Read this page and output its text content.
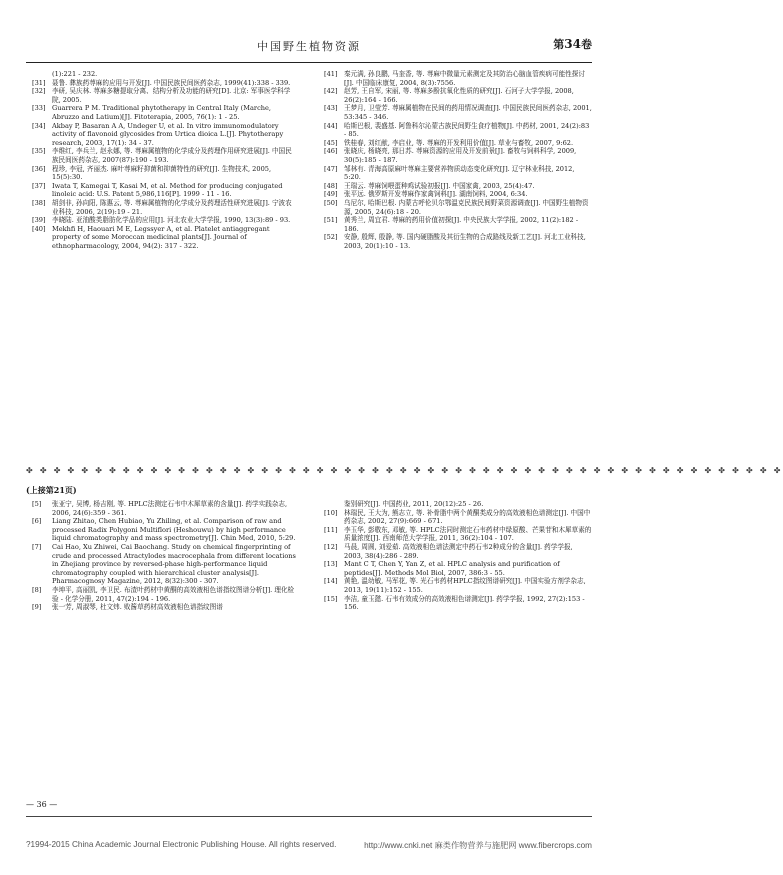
中国野生植物资源	第34卷

(1):221 - 232.

[31] 聂鲁. 彝族药荨麻的应用与开发[J]. 中国民族民间医药杂志, 1999(41):338 - 339.

[32] 李研, 吴庆林. 荨麻多糖提取分离、结构分析及功能的研究[D]. 北京: 军事医学科学院, 2005.

[33] Guarrera P M. Traditional phytotherapy in Central Italy (Marche, Abruzzo and Latium)[J]. Fitoterapia, 2005, 76(1): 1 - 25.

[34] Akbay P, Basaran A A, Undeger U, et al. In vitro immunomodulatory activity of flavonoid glycosides from Urtica dioica L.[J]. Phytotherapy research, 2003, 17(1): 34 - 37.

[35] 李维红, 李兵兰, 赵永娜, 等. 荨麻属植物的化学成分及药理作用研究进展[J]. 中国民族民间医药杂志, 2007(87):190 - 193.

[36] 程珍, 李冠, 齐丽杰. 麻叶荨麻籽抑菌和抑菌特性的研究[J]. 生物技术, 2005, 15(5):30.

[37] Iwata T, Kamegai T, Kasai M, et al. Method for producing conjugated linoleic acid: U.S. Patent 5,986,116[P]. 1999 - 11 - 16.

[38] 胡剑非, 孙向阳, 陈惠云, 等. 荨麻属植物的化学成分及药理活性研究进展[J]. 宁波农业科技, 2006, 2(19):19 - 21.

[39] 李晓陆. 亚油酸类脂肪化学品的应用[J]. 河北农业大学学报, 1990, 13(3):89 - 93.

[40] Mekhfi H, Haouari M E, Legssyer A, et al. Platelet antiaggregant property of some Moroccan medicinal plants[J]. Journal of ethnopharmacology, 2004, 94(2): 317 - 322.

[41] 秦元满, 孙良鹏, 马奎香, 等. 荨麻中微量元素测定及其防治心脑血管疾病可能性探讨[J]. 中国临床康复, 2004, 8(3):7556.

[42] 赵芳, 王自军, 宋丽, 等. 荨麻多酚抗氧化性质的研究[J]. 石河子大学学报, 2008, 26(2):164 - 166.

[43] 王梦月, 卫莹芳. 荨麻属植物在民间的药用情况调查[J]. 中国民族民间医药杂志, 2001, 53:345 - 346.

[44] 哈斯巴根, 裴盛基. 阿鲁科尔沁蒙古族民间野生食疗植物[J]. 中药材, 2001, 24(2):83 - 85.

[45] 铁桂春, 刘红献, 李启业, 等. 荨麻的开发利用价值[J]. 草业与畜牧, 2007, 9:62.

[46] 张晓庆, 杨晓亮, 那日苏. 荨麻资源的应用及开发前景[J]. 畜牧与饲料科学, 2009, 30(5):185 - 187.

[47] 邹林有. 青海高原麻叶荨麻主要营养物质动态变化研究[J]. 辽宁林业科技, 2012, 5:20.

[48] 王瑞云. 荨麻饲喂蛋种鸡试验初报[J]. 中国家禽, 2003, 25(4):47.

[49] 张平远. 俄罗斯开发荨麻作家禽饲料[J]. 湖南饲料, 2004, 6:34.

[50] 乌尼尔, 哈斯巴根. 内蒙古呼伦贝尔鄂温克民族民间野菜资源调查[J]. 中国野生植物资源, 2005, 24(6):18 - 20.

[51] 黄秀兰, 周宜君. 荨麻的药用价值初探[J]. 中央民族大学学报, 2002, 11(2):182 - 186.

[52] 安静, 殷辉, 殷静, 等. 国内硬脂酸及其衍生物的合成路线及新工艺[J]. 河北工业科技, 2003, 20(1):10 - 13.

✤ ✤ ✤ ✤ ✤ ✤ ✤ ✤ ✤ ✤ ✤ ✤ ✤ ✤ ✤ ✤ ✤ ✤ ✤ ✤ ✤ ✤ ✤ ✤ ✤ ✤ ✤ ✤ ✤ ✤ ✤ ✤ ✤ ✤ ✤ ✤ ✤ ✤ ✤ ✤ ✤ ✤ ✤ ✤ ✤ ✤ ✤ ✤ ✤ ✤ ✤ ✤ ✤ ✤ ✤
(上接第21页)

[5] 张亚宁, 吴博, 杨吉刚, 等. HPLC法测定石韦中木犀草素的含量[J]. 药学实践杂志, 2006, 24(6):359 - 361.

[6] Liang Zhitao, Chen Hubiao, Yu Zhiling, et al. Comparison of raw and processed Radix Polygoni Multiflori (Heshouwu) by high performance liquid chromatography and mass spectrometry[J]. Chin Med, 2010, 5:29.

[7] Cai Hao, Xu Zhiwei, Cai Baochang. Study on chemical fingerprinting of crude and processed Atractylodes macrocephala from different locations in Zhejiang province by reversed-phase high-performance liquid chromatography coupled with hierarchical cluster analysis[J]. Pharmacognosy Magazine, 2012, 8(32):300 - 307.

[8] 李坤平, 高丽凯, 李卫民. 布渣叶药材中黄酮的高效液相色谱指纹图谱分析[J]. 理化检验 - 化学分册, 2011, 47(2):194 - 196.

[9] 张一芳, 周淑琴, 杜文炜. 败酱草药材高效液相色谱指纹图谱

鉴别研究[J]. 中国药业, 2011, 20(12):25 - 26.

[10] 林瑞民, 王大为, 熊志立, 等. 补骨脂中两个黄酮类成分的高效液相色谱测定[J]. 中国中药杂志, 2002, 27(9):669 - 671.

[11] 李玉华, 彭敬东, 邓敏, 等. HPLC法同时测定石韦药材中绿原酸、芒果苷和木犀草素的质量浓度[J]. 西南师范大学学报, 2011, 36(2):104 - 107.

[12] 马晨, 周圆, 刘爱茹. 高效液相色谱法测定中药石韦2种成分的含量[J]. 药学学报, 2003, 38(4):286 - 289.

[13] Mant C T, Chen Y, Yan Z, et al. HPLC analysis and purification of peptides[J]. Methods Mol Biol, 2007, 386:3 - 55.

[14] 黄艳, 温幼敏, 马军花, 等. 光石韦药材HPLC指纹图谱研究[J]. 中国实验方剂学杂志, 2013, 19(11):152 - 155.

[15] 李洁, 童玉懿. 石韦有效成分的高效液相色谱测定[J]. 药学学报, 1992, 27(2):153 - 156.

— 36 —
?1994-2015 China Academic Journal Electronic Publishing House. All rights reserved.	http://www.cnki.net 麻类作物营养与施肥网 www.fibercrops.com
